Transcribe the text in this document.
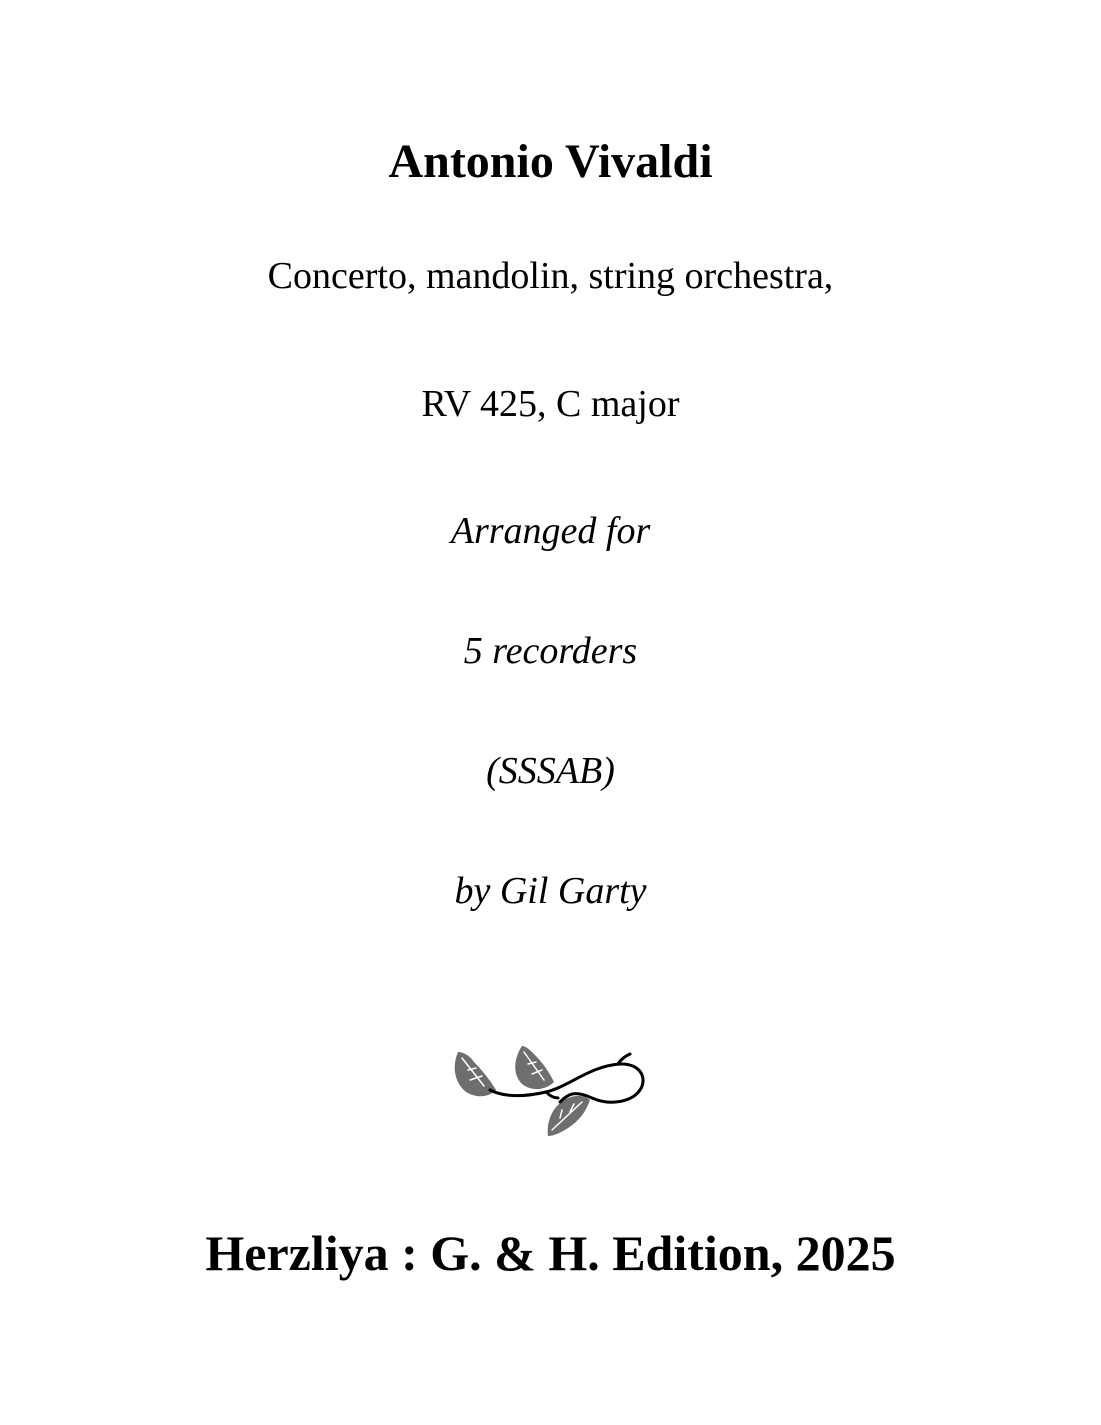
Antonio Vivaldi
Concerto, mandolin, string orchestra,
RV 425, C major
Arranged for
5 recorders
(SSSAB)
by Gil Garty
Herzliya : G. & H. Edition, 2025
